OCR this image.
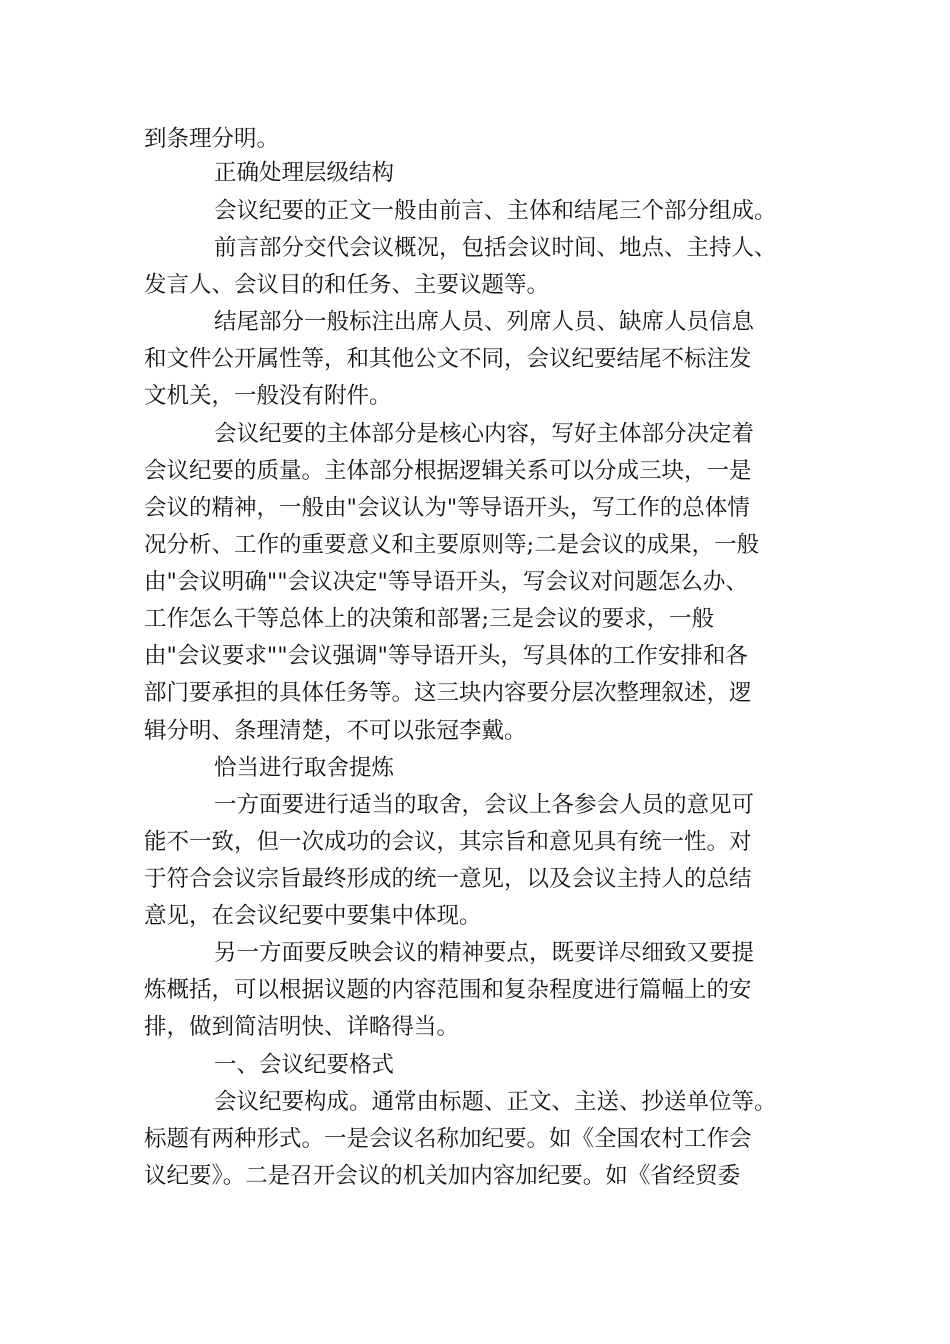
到条理分明。
正确处理层级结构
会议纪要的正文一般由前言、主体和结尾三个部分组成。
前言部分交代会议概况，包括会议时间、地点、主持人、
发言人、会议目的和任务、主要议题等。
结尾部分一般标注出席人员、列席人员、缺席人员信息
和文件公开属性等，和其他公文不同，会议纪要结尾不标注发
文机关，一般没有附件。
会议纪要的主体部分是核心内容，写好主体部分决定着
会议纪要的质量。主体部分根据逻辑关系可以分成三块，一是
会议的精神，一般由"会议认为"等导语开头，写工作的总体情
况分析、工作的重要意义和主要原则等;二是会议的成果，一般
由"会议明确""会议决定"等导语开头，写会议对问题怎么办、
工作怎么干等总体上的决策和部署;三是会议的要求，一般
由"会议要求""会议强调"等导语开头，写具体的工作安排和各
部门要承担的具体任务等。这三块内容要分层次整理叙述，逻
辑分明、条理清楚，不可以张冠李戴。
恰当进行取舍提炼
一方面要进行适当的取舍，会议上各参会人员的意见可
能不一致，但一次成功的会议，其宗旨和意见具有统一性。对
于符合会议宗旨最终形成的统一意见，以及会议主持人的总结
意见，在会议纪要中要集中体现。
另一方面要反映会议的精神要点，既要详尽细致又要提
炼概括，可以根据议题的内容范围和复杂程度进行篇幅上的安
排，做到简洁明快、详略得当。
一、会议纪要格式
会议纪要构成。通常由标题、正文、主送、抄送单位等。
标题有两种形式。一是会议名称加纪要。如《全国农村工作会
议纪要》。二是召开会议的机关加内容加纪要。如《省经贸委
